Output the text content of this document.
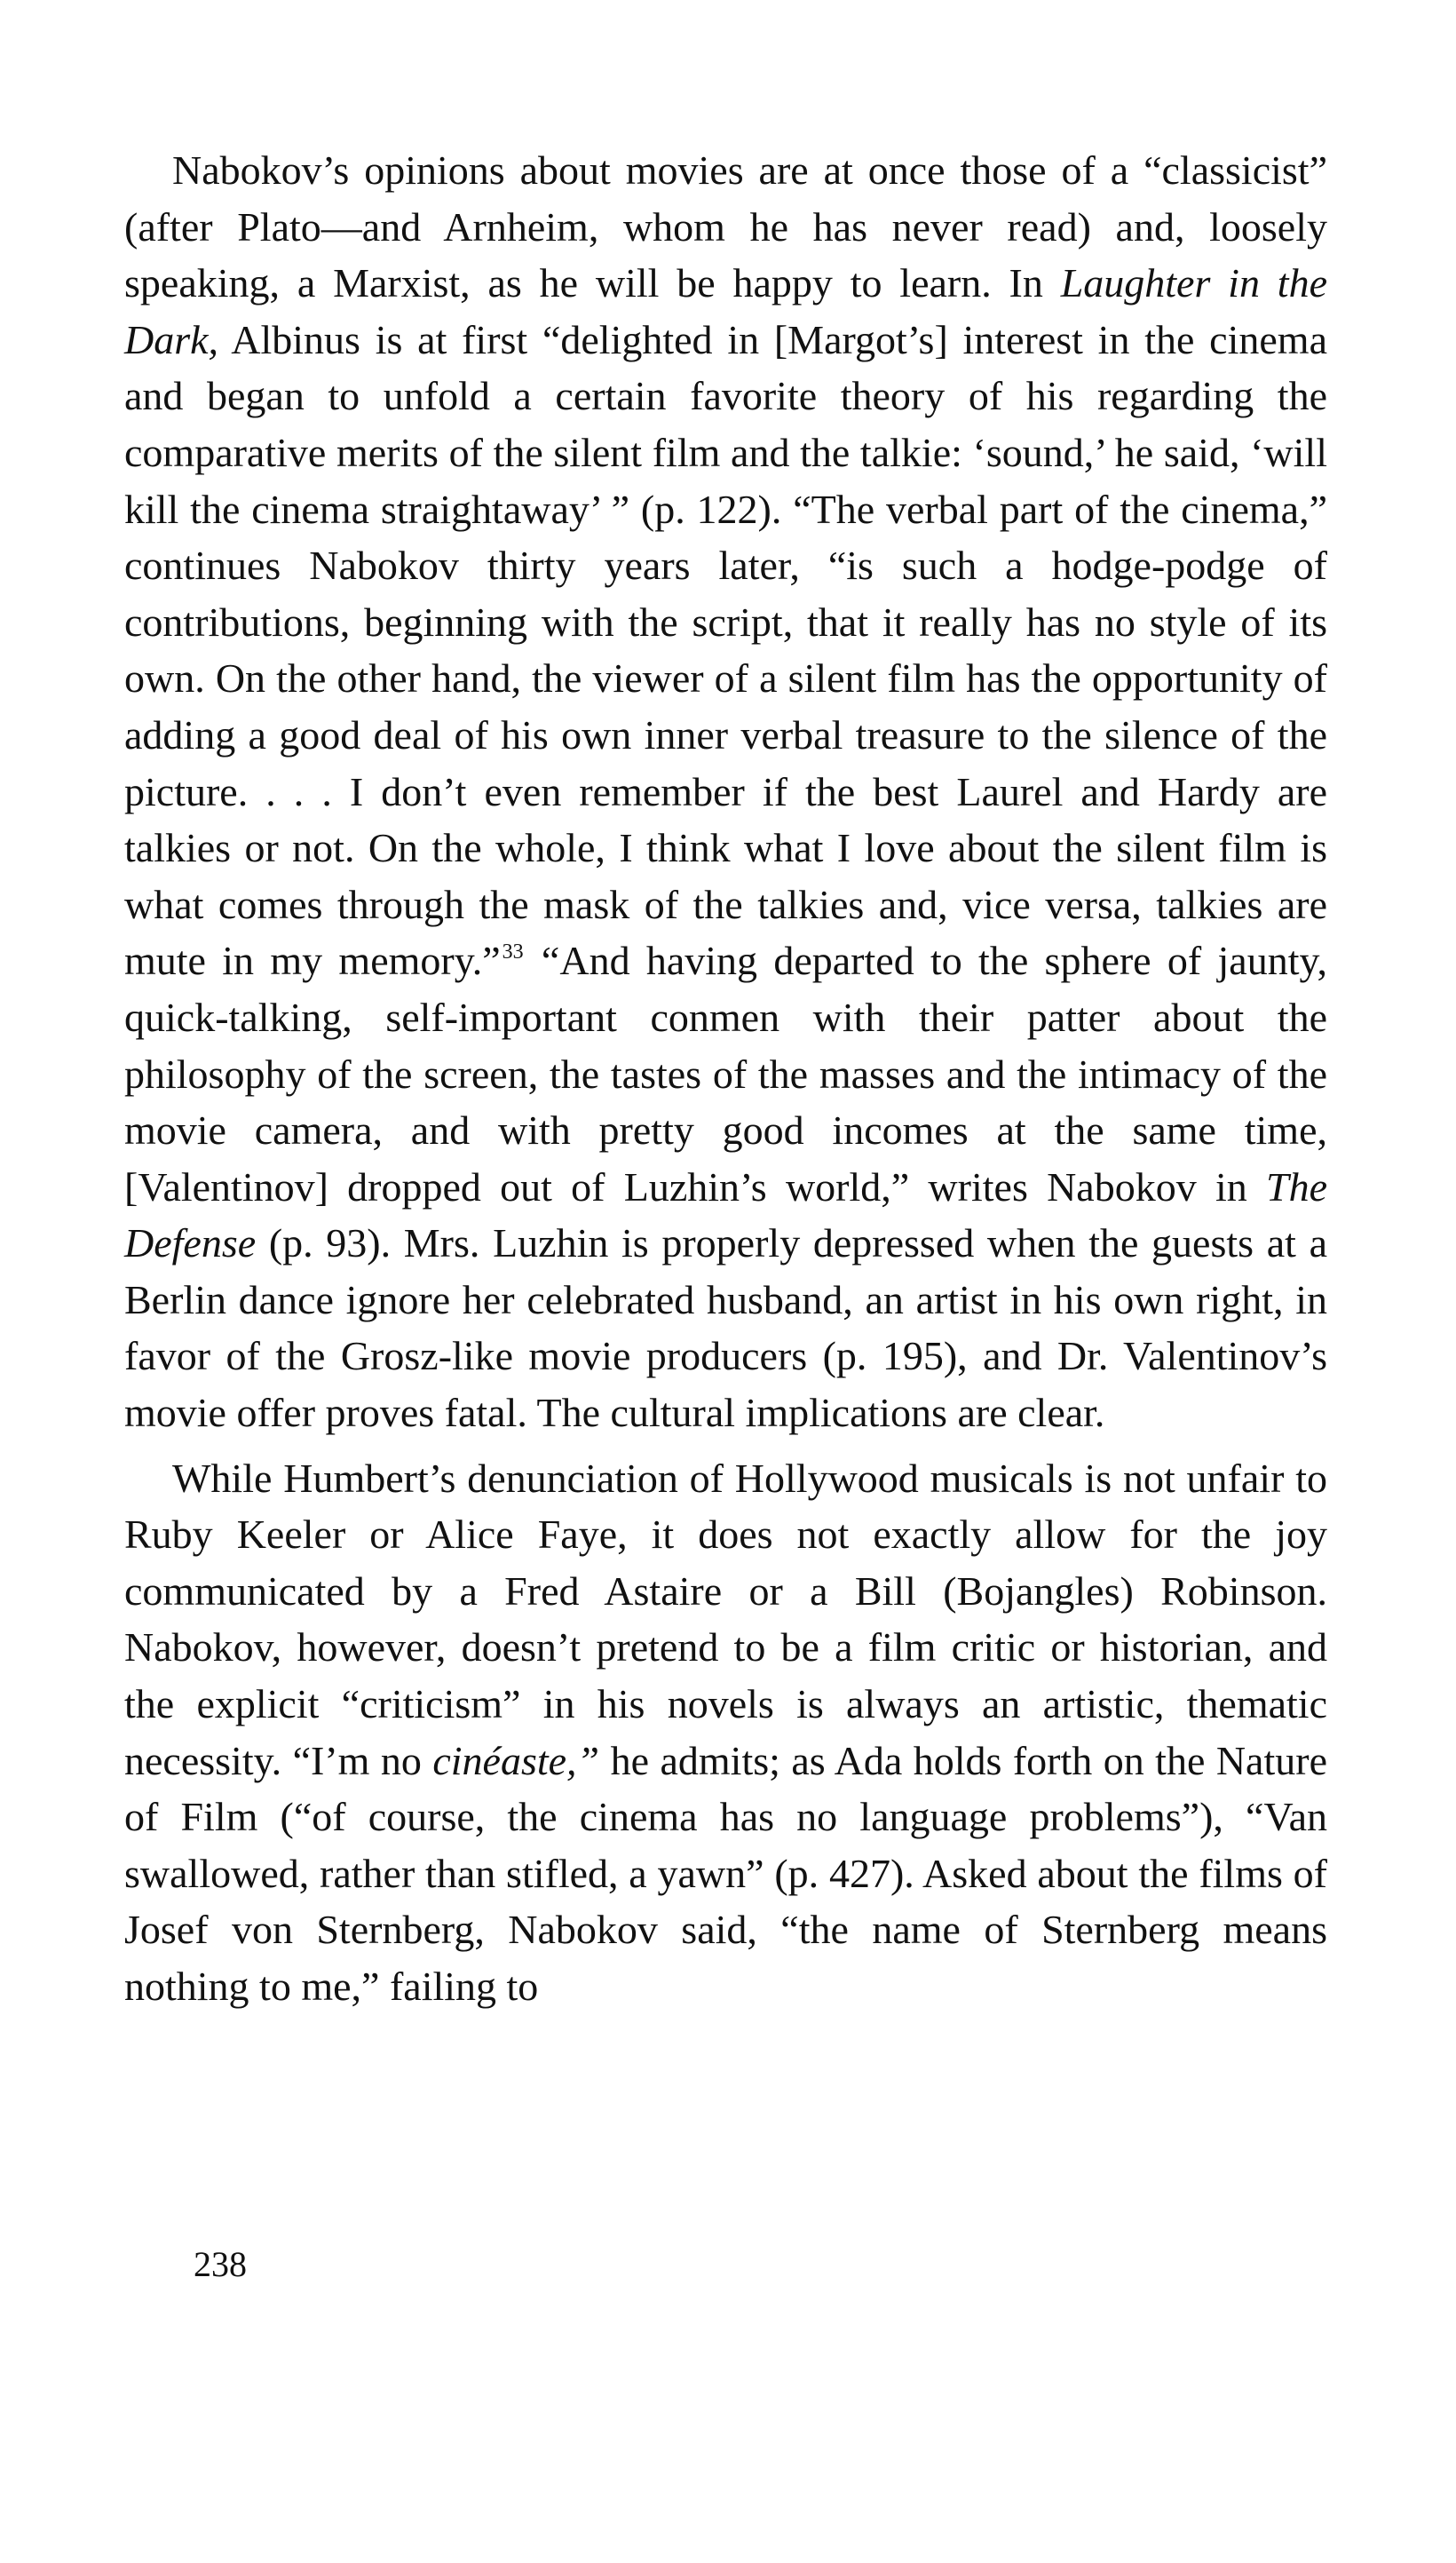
Nabokov’s opinions about movies are at once those of a “classicist” (after Plato—and Arnheim, whom he has never read) and, loosely speaking, a Marxist, as he will be happy to learn. In Laughter in the Dark, Albinus is at first “delighted in [Margot’s] interest in the cinema and began to unfold a certain favorite theory of his regarding the comparative merits of the silent film and the talkie: ‘sound,’ he said, ‘will kill the cinema straightaway’ ” (p. 122). “The verbal part of the cinema,” continues Nabokov thirty years later, “is such a hodge-podge of contributions, beginning with the script, that it really has no style of its own. On the other hand, the viewer of a silent film has the opportunity of adding a good deal of his own inner verbal treasure to the silence of the picture. . . . I don’t even remember if the best Laurel and Hardy are talkies or not. On the whole, I think what I love about the silent film is what comes through the mask of the talkies and, vice versa, talkies are mute in my memory.”$^{33}$ “And having departed to the sphere of jaunty, quick-talking, self-important conmen with their patter about the philosophy of the screen, the tastes of the masses and the intimacy of the movie camera, and with pretty good incomes at the same time, [Valentinov] dropped out of Luzhin’s world,” writes Nabokov in The Defense (p. 93). Mrs. Luzhin is properly depressed when the guests at a Berlin dance ignore her celebrated husband, an artist in his own right, in favor of the Grosz-like movie producers (p. 195), and Dr. Valentinov’s movie offer proves fatal. The cultural implications are clear.

While Humbert’s denunciation of Hollywood musicals is not unfair to Ruby Keeler or Alice Faye, it does not exactly allow for the joy communicated by a Fred Astaire or a Bill (Bojangles) Robinson. Nabokov, however, doesn’t pretend to be a film critic or historian, and the explicit “criticism” in his novels is always an artistic, thematic necessity. “I’m no cinéaste,” he admits; as Ada holds forth on the Nature of Film (“of course, the cinema has no language problems”), “Van swallowed, rather than stifled, a yawn” (p. 427). Asked about the films of Josef von Sternberg, Nabokov said, “the name of Sternberg means nothing to me,” failing to

238
